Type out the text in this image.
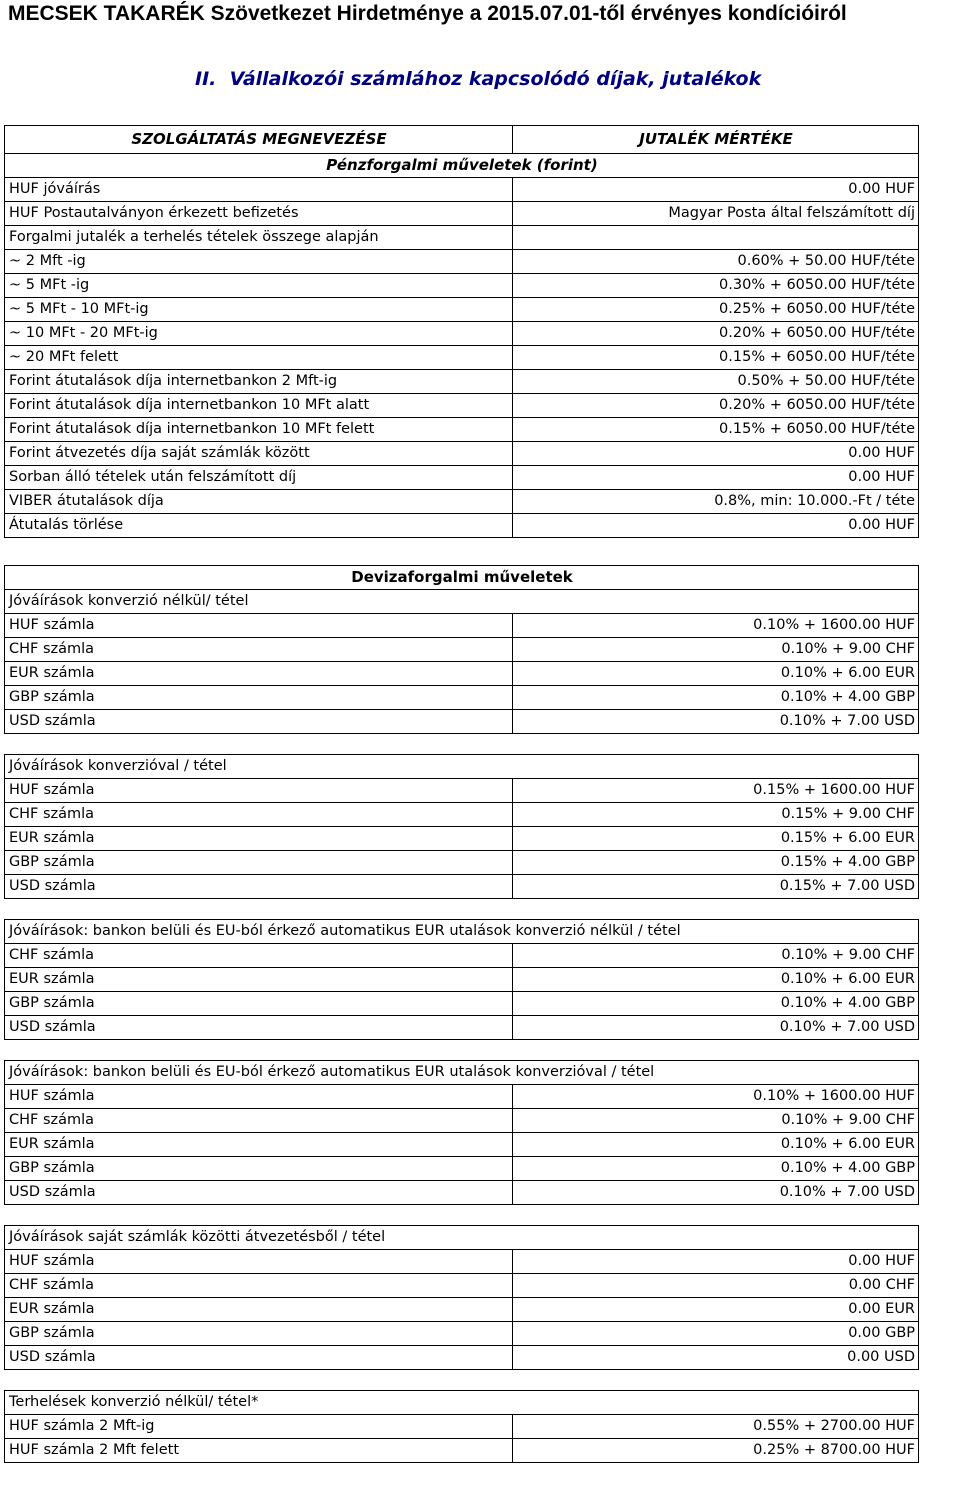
MECSEK TAKARÉK Szövetkezet Hirdetménye a 2015.07.01-től érvényes kondícióiról
II. Vállalkozói számlához kapcsolódó díjak, jutalékok
SZOLGÁLTATÁS MEGNEVEZÉSE	JUTALÉK MÉRTÉKE
Pénzforgalmi műveletek (forint)	
HUF jóváírás	0.00 HUF
HUF Postautalványon érkezett befizetés	Magyar Posta által felszámított díj
Forgalmi jutalék a terhelés tételek összege alapján	
~ 2 Mft -ig	0.60% + 50.00 HUF/téte
~ 5 MFt -ig	0.30% + 6050.00 HUF/téte
~ 5 MFt - 10 MFt-ig	0.25% + 6050.00 HUF/téte
~ 10 MFt - 20 MFt-ig	0.20% + 6050.00 HUF/téte
~ 20 MFt felett	0.15% + 6050.00 HUF/téte
Forint átutalások díja internetbankon 2 Mft-ig	0.50% + 50.00 HUF/téte
Forint átutalások díja internetbankon 10 MFt alatt	0.20% + 6050.00 HUF/téte
Forint átutalások díja internetbankon 10 MFt felett	0.15% + 6050.00 HUF/téte
Forint átvezetés díja saját számlák között	0.00 HUF
Sorban álló tételek után felszámított díj	0.00 HUF
VIBER átutalások díja	0.8%, min: 10.000.-Ft / téte
Átutalás törlése	0.00 HUF
Devizaforgalmi műveletek	
Jóváírások konverzió nélkül/ tétel	
HUF számla	0.10% + 1600.00 HUF
CHF számla	0.10% + 9.00 CHF
EUR számla	0.10% + 6.00 EUR
GBP számla	0.10% + 4.00 GBP
USD számla	0.10% + 7.00 USD

Jóváírások konverzióval / tétel	
HUF számla	0.15% + 1600.00 HUF
CHF számla	0.15% + 9.00 CHF
EUR számla	0.15% + 6.00 EUR
GBP számla	0.15% + 4.00 GBP
USD számla	0.15% + 7.00 USD

Jóváírások: bankon belüli és EU-ból érkező automatikus EUR utalások konverzió nélkül / tétel	
CHF számla	0.10% + 9.00 CHF
EUR számla	0.10% + 6.00 EUR
GBP számla	0.10% + 4.00 GBP
USD számla	0.10% + 7.00 USD

Jóváírások: bankon belüli és EU-ból érkező automatikus EUR utalások konverzióval / tétel	
HUF számla	0.10% + 1600.00 HUF
CHF számla	0.10% + 9.00 CHF
EUR számla	0.10% + 6.00 EUR
GBP számla	0.10% + 4.00 GBP
USD számla	0.10% + 7.00 USD

Jóváírások saját számlák közötti átvezetésből / tétel	
HUF számla	0.00 HUF
CHF számla	0.00 CHF
EUR számla	0.00 EUR
GBP számla	0.00 GBP
USD számla	0.00 USD

Terhelések konverzió nélkül/ tétel*	
HUF számla 2 Mft-ig	0.55% + 2700.00 HUF
HUF számla 2 Mft felett	0.25% + 8700.00 HUF
